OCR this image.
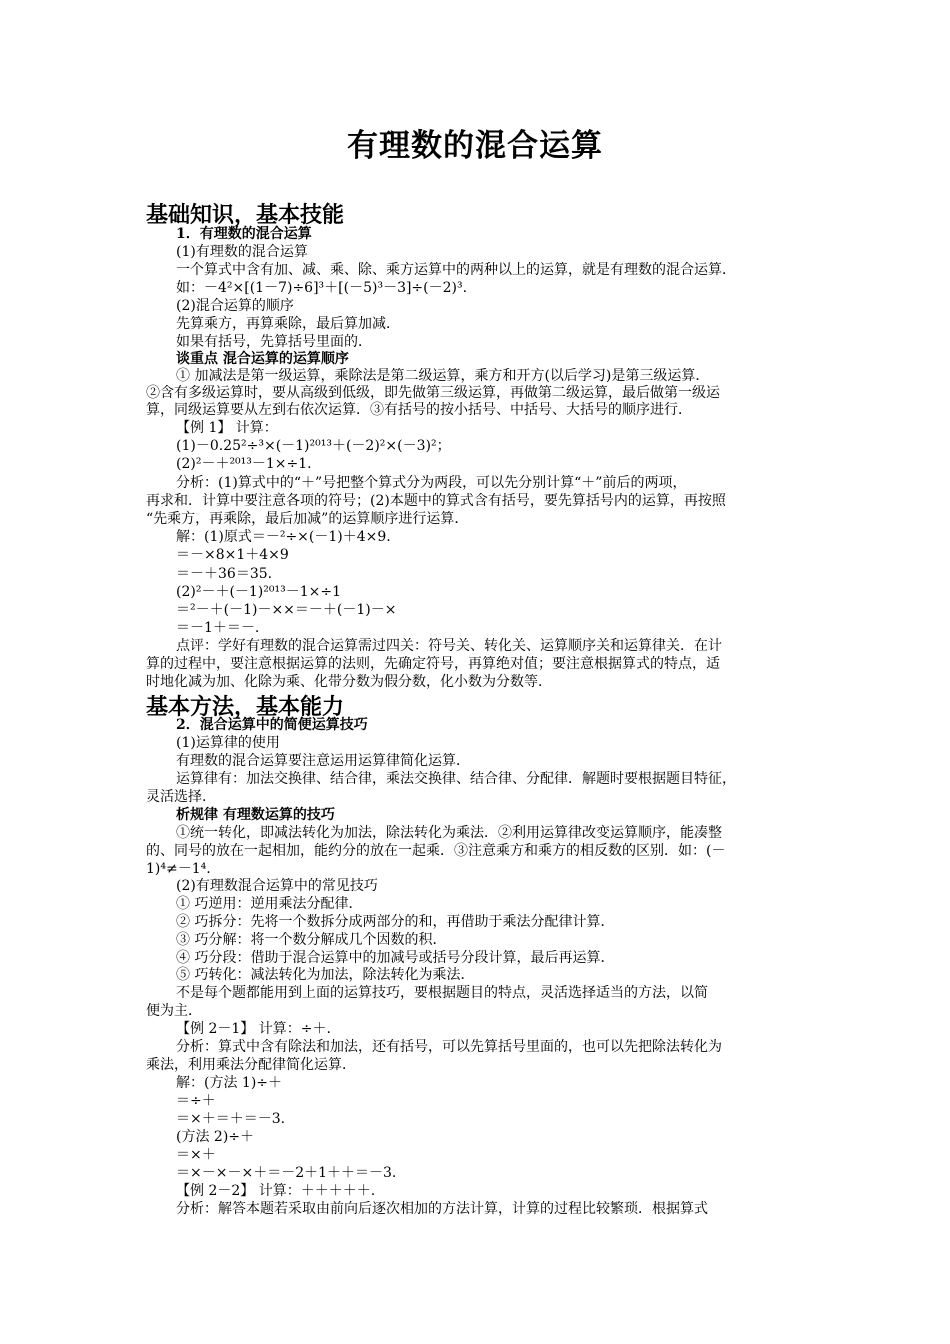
有理数的混合运算
基础知识，基本技能
1．有理数的混合运算
(1)有理数的混合运算
一个算式中含有加、减、乘、除、乘方运算中的两种以上的运算，就是有理数的混合运算．
如：－4²×[(1－7)÷6]³＋[(－5)³－3]÷(－2)³.
(2)混合运算的顺序
先算乘方，再算乘除，最后算加减．
如果有括号，先算括号里面的．
谈重点 混合运算的运算顺序
① 加减法是第一级运算，乘除法是第二级运算，乘方和开方(以后学习)是第三级运算．
②含有多级运算时，要从高级到低级，即先做第三级运算，再做第二级运算，最后做第一级运
算，同级运算要从左到右依次运算．③有括号的按小括号、中括号、大括号的顺序进行．
【例 1】 计算：
(1)－0.25²÷³×(－1)²⁰¹³＋(－2)²×(－3)²；
(2)²－＋²⁰¹³－1×÷1.
分析：(1)算式中的“＋”号把整个算式分为两段，可以先分别计算“＋”前后的两项，
再求和．计算中要注意各项的符号；(2)本题中的算式含有括号，要先算括号内的运算，再按照
“先乘方，再乘除，最后加减”的运算顺序进行运算．
解：(1)原式＝－²÷×(－1)＋4×9.
＝－×8×1＋4×9
＝－＋36＝35.
(2)²－＋(－1)²⁰¹³－1×÷1
＝²－＋(－1)－××＝－＋(－1)－×
＝－1＋＝－.
点评：学好有理数的混合运算需过四关：符号关、转化关、运算顺序关和运算律关．在计
算的过程中，要注意根据运算的法则，先确定符号，再算绝对值；要注意根据算式的特点，适
时地化减为加、化除为乘、化带分数为假分数，化小数为分数等．
基本方法，基本能力
2．混合运算中的简便运算技巧
(1)运算律的使用
有理数的混合运算要注意运用运算律简化运算．
运算律有：加法交换律、结合律，乘法交换律、结合律、分配律．解题时要根据题目特征，
灵活选择．
析规律 有理数运算的技巧
①统一转化，即减法转化为加法，除法转化为乘法．②利用运算律改变运算顺序，能凑整
的、同号的放在一起相加，能约分的放在一起乘．③注意乘方和乘方的相反数的区别．如：(－
1)⁴≠－1⁴.
(2)有理数混合运算中的常见技巧
① 巧逆用：逆用乘法分配律．
② 巧拆分：先将一个数拆分成两部分的和，再借助于乘法分配律计算．
③ 巧分解：将一个数分解成几个因数的积．
④ 巧分段：借助于混合运算中的加减号或括号分段计算，最后再运算．
⑤ 巧转化：减法转化为加法，除法转化为乘法．
不是每个题都能用到上面的运算技巧，要根据题目的特点，灵活选择适当的方法，以简
便为主．
【例 2－1】 计算：÷＋.
分析：算式中含有除法和加法，还有括号，可以先算括号里面的，也可以先把除法转化为
乘法，利用乘法分配律简化运算．
解：(方法 1)÷＋
＝÷＋
＝×＋＝＋＝－3.
(方法 2)÷＋
＝×＋
＝×－×－×＋＝－2＋1＋＋＝－3.
【例 2－2】 计算：＋＋＋＋＋.
分析：解答本题若采取由前向后逐次相加的方法计算，计算的过程比较繁琐．根据算式
